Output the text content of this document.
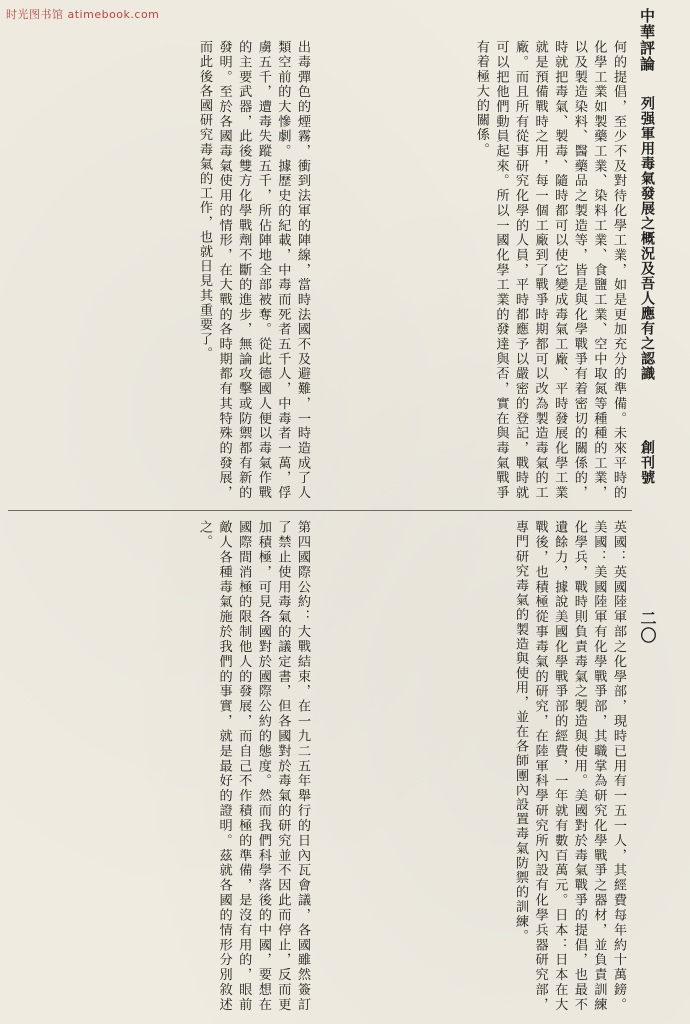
时光图书馆 atimebook.com	中華評論
列强軍用毒氣發展之概況及吾人應有之認識
創刊號
二〇

何的提倡，至少不及對待化學工業，如是更加充分的準備。未來平時的化學工業如製藥工業、染料工業、食鹽工業、空中取氮等種種的工業，以及製造染料、醫藥品之製造等，皆是與化學戰爭有着密切的關係的，時就把毒氣、製毒、隨時都可以使它變成毒氣工廠、平時發展化學工業就是預備戰時之用，每一個工廠到了戰爭時期都可以改為製造毒氣的工廠。而且所有從事研究化學的人員，平時都應予以嚴密的登記，戰時就可以把他們動員起來。所以一國化學工業的發達與否，實在與毒氣戰爭有着極大的關係。

出毒彈色的煙霧，衝到法軍的陣線，當時法國不及避難，一時造成了人類空前的大慘劇。據歷史的紀載，中毒而死者五千人，中毒者一萬，俘虜五千，遭毒失蹤五千，所佔陣地全部被奪。從此德國人便以毒氣作戰的主要武器，此後雙方化學戰劑不斷的進步，無論攻擊或防禦都有新的發明。至於各國毒氣使用的情形，在大戰的各時期都有其特殊的發展，而此後各國研究毒氣的工作，也就日見其重要了。

英國：英國陸軍部之化學部，現時已用有一五一人，其經費每年約十萬鎊。美國：美國陸軍有化學戰爭部，其職掌為研究化學戰爭之器材，並負責訓練化學兵，戰時則負責毒氣之製造與使用。美國對於毒氣戰爭的提倡，也最不遺餘力，據說美國化學戰爭部的經費，一年就有數百萬元。日本：日本在大戰後，也積極從事毒氣的研究，在陸軍科學研究所內設有化學兵器研究部，專門研究毒氣的製造與使用，並在各師團內設置毒氣防禦的訓練。

第四國際公約：大戰結束，在一九二五年舉行的日內瓦會議，各國雖然簽訂了禁止使用毒氣的議定書，但各國對於毒氣的研究並不因此而停止，反而更加積極，可見各國對於國際公約的態度。然而我們科學落後的中國，要想在國際間消極的限制他人的發展，而自己不作積極的準備，是沒有用的，眼前敵人各種毒氣施於我們的事實，就是最好的證明。茲就各國的情形分別敘述之。
